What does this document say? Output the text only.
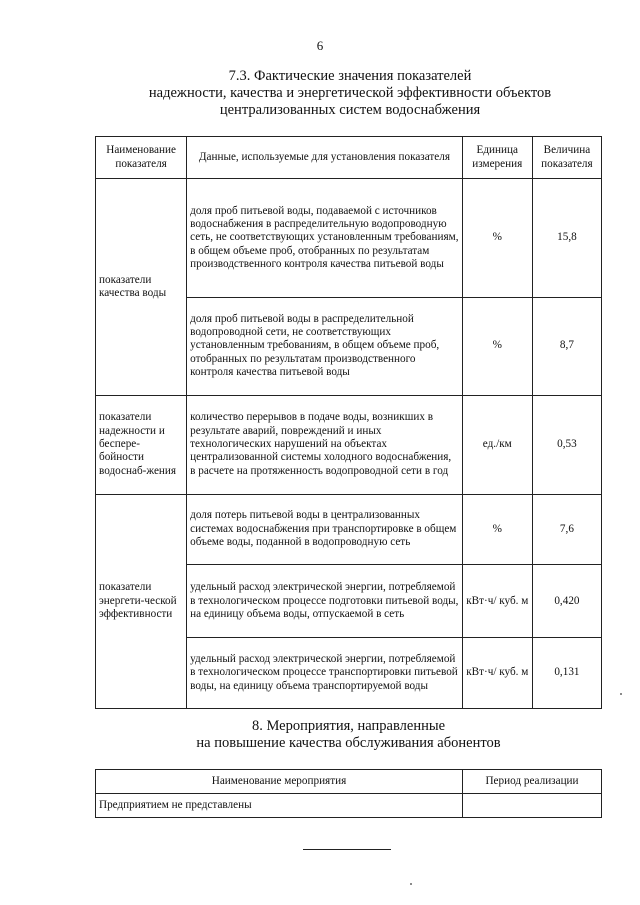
6
7.3. Фактические значения показателей
надежности, качества и энергетической эффективности объектов
централизованных систем водоснабжения
Наименование показателя	Данные, используемые для установления показателя	Единица измерения	Величина показателя
показатели качества воды	доля проб питьевой воды, подаваемой с источников водоснабжения в распределительную водопроводную сеть, не соответствующих установленным требованиям, в общем объеме проб, отобранных по результатам производственного контроля качества питьевой воды	%	15,8
	доля проб питьевой воды в распределительной водопроводной сети, не соответствующих установленным требованиям, в общем объеме проб, отобранных по результатам производственного контроля качества питьевой воды	%	8,7
показатели надежности и беспере-бойности водоснаб-жения	количество перерывов в подаче воды, возникших в результате аварий, повреждений и иных технологических нарушений на объектах централизованной системы холодного водоснабжения, в расчете на протяженность водопроводной сети в год	ед./км	0,53
показатели энергети-ческой эффективности	доля потерь питьевой воды в централизованных системах водоснабжения при транспортировке в общем объеме воды, поданной в водопроводную сеть	%	7,6
	удельный расход электрической энергии, потребляемой в технологическом процессе подготовки питьевой воды, на единицу объема воды, отпускаемой в сеть	кВт·ч/ куб. м	0,420
	удельный расход электрической энергии, потребляемой в технологическом процессе транспортировки питьевой воды, на единицу объема транспортируемой воды	кВт·ч/ куб. м	0,131
8. Мероприятия, направленные
на повышение качества обслуживания абонентов
Наименование мероприятия	Период реализации
Предприятием не представлены	
